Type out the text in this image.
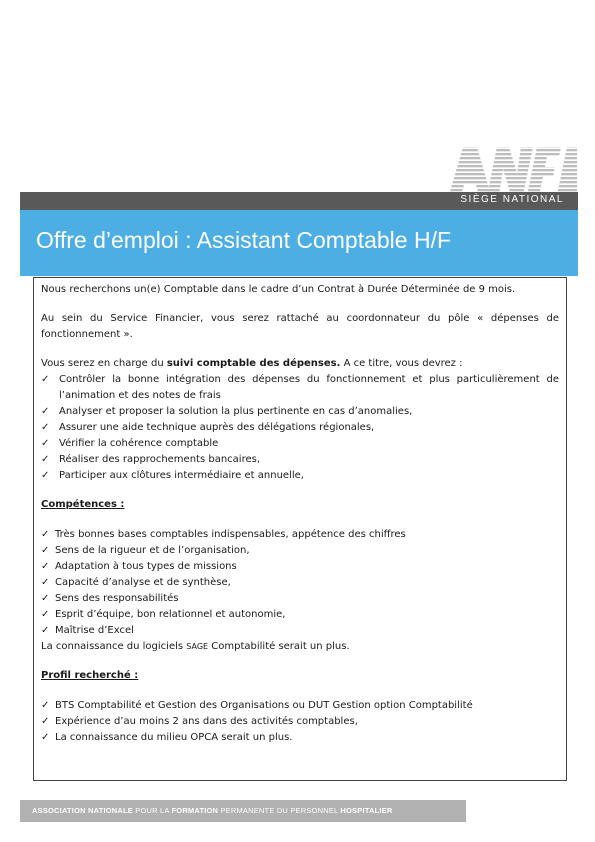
SIÈGE NATIONAL
Offre d’emploi : Assistant Comptable H/F

Nous recherchons un(e) Comptable dans le cadre d’un Contrat à Durée Déterminée de 9 mois.

Au sein du Service Financier, vous serez rattaché au coordonnateur du pôle « dépenses de fonctionnement ».

Vous serez en charge du suivi comptable des dépenses. A ce titre, vous devrez :

✓ Contrôler la bonne intégration des dépenses du fonctionnement et plus particulièrement de l’animation et des notes de frais
✓ Analyser et proposer la solution la plus pertinente en cas d’anomalies,
✓ Assurer une aide technique auprès des délégations régionales,
✓ Vérifier la cohérence comptable
✓ Réaliser des rapprochements bancaires,
✓ Participer aux clôtures intermédiaire et annuelle,

Compétences :

✓ Très bonnes bases comptables indispensables, appétence des chiffres
✓ Sens de la rigueur et de l’organisation,
✓ Adaptation à tous types de missions
✓ Capacité d’analyse et de synthèse,
✓ Sens des responsabilités
✓ Esprit d’équipe, bon relationnel et autonomie,
✓ Maîtrise d’Excel

La connaissance du logiciels SAGE Comptabilité serait un plus.

Profil recherché :

✓ BTS Comptabilité et Gestion des Organisations ou DUT Gestion option Comptabilité
✓ Expérience d’au moins 2 ans dans des activités comptables,
✓ La connaissance du milieu OPCA serait un plus.
ASSOCIATION NATIONALE POUR LA FORMATION PERMANENTE DU PERSONNEL HOSPITALIER
